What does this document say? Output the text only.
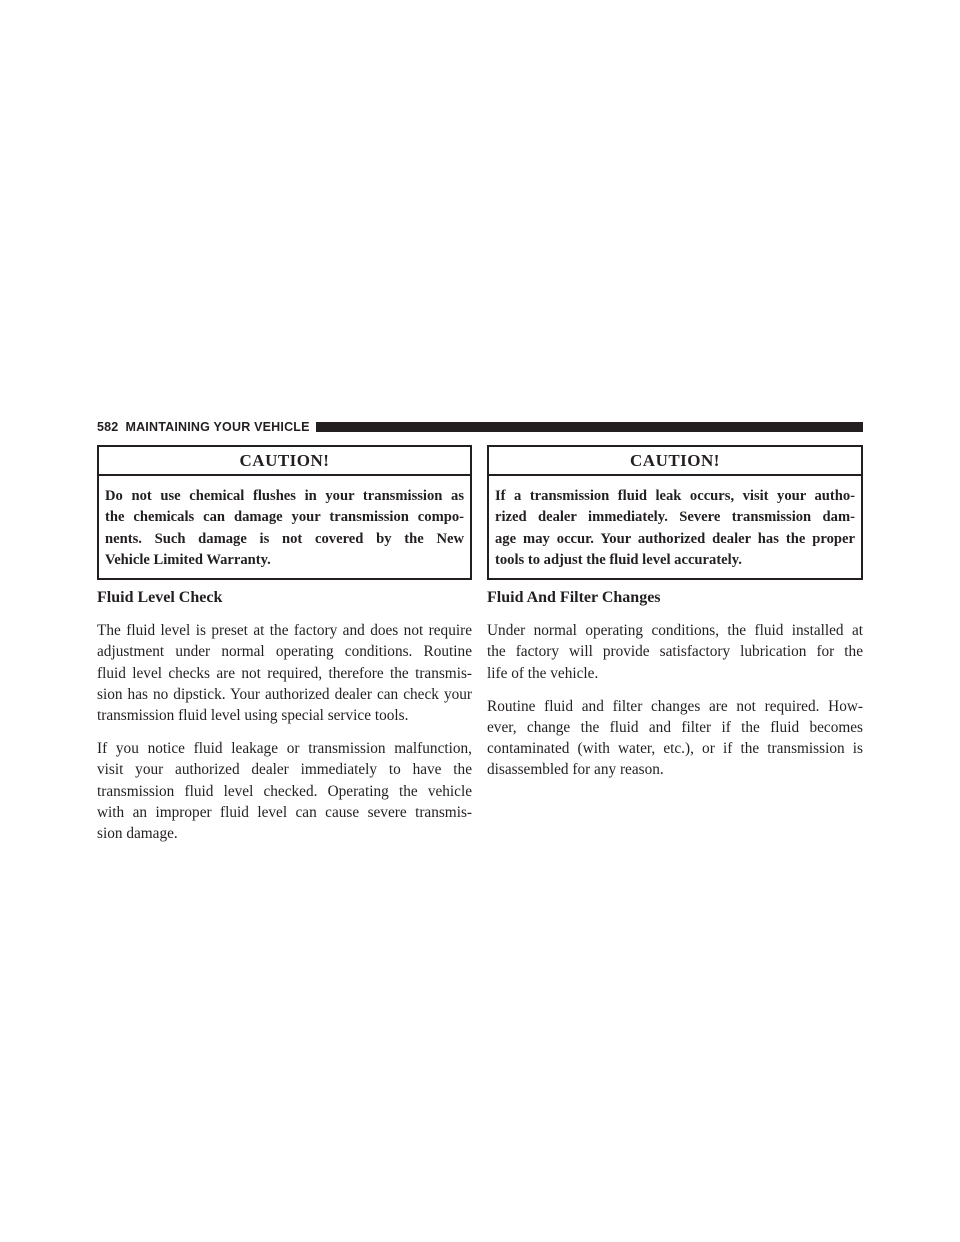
582 MAINTAINING YOUR VEHICLE
CAUTION!
Do not use chemical flushes in your transmission as
the chemicals can damage your transmission compo-
nents. Such damage is not covered by the New
Vehicle Limited Warranty.
Fluid Level Check
The fluid level is preset at the factory and does not require
adjustment under normal operating conditions. Routine
fluid level checks are not required, therefore the transmis-
sion has no dipstick. Your authorized dealer can check your
transmission fluid level using special service tools.
If you notice fluid leakage or transmission malfunction,
visit your authorized dealer immediately to have the
transmission fluid level checked. Operating the vehicle
with an improper fluid level can cause severe transmis-
sion damage.
CAUTION!
If a transmission fluid leak occurs, visit your autho-
rized dealer immediately. Severe transmission dam-
age may occur. Your authorized dealer has the proper
tools to adjust the fluid level accurately.
Fluid And Filter Changes
Under normal operating conditions, the fluid installed at
the factory will provide satisfactory lubrication for the
life of the vehicle.
Routine fluid and filter changes are not required. How-
ever, change the fluid and filter if the fluid becomes
contaminated (with water, etc.), or if the transmission is
disassembled for any reason.
